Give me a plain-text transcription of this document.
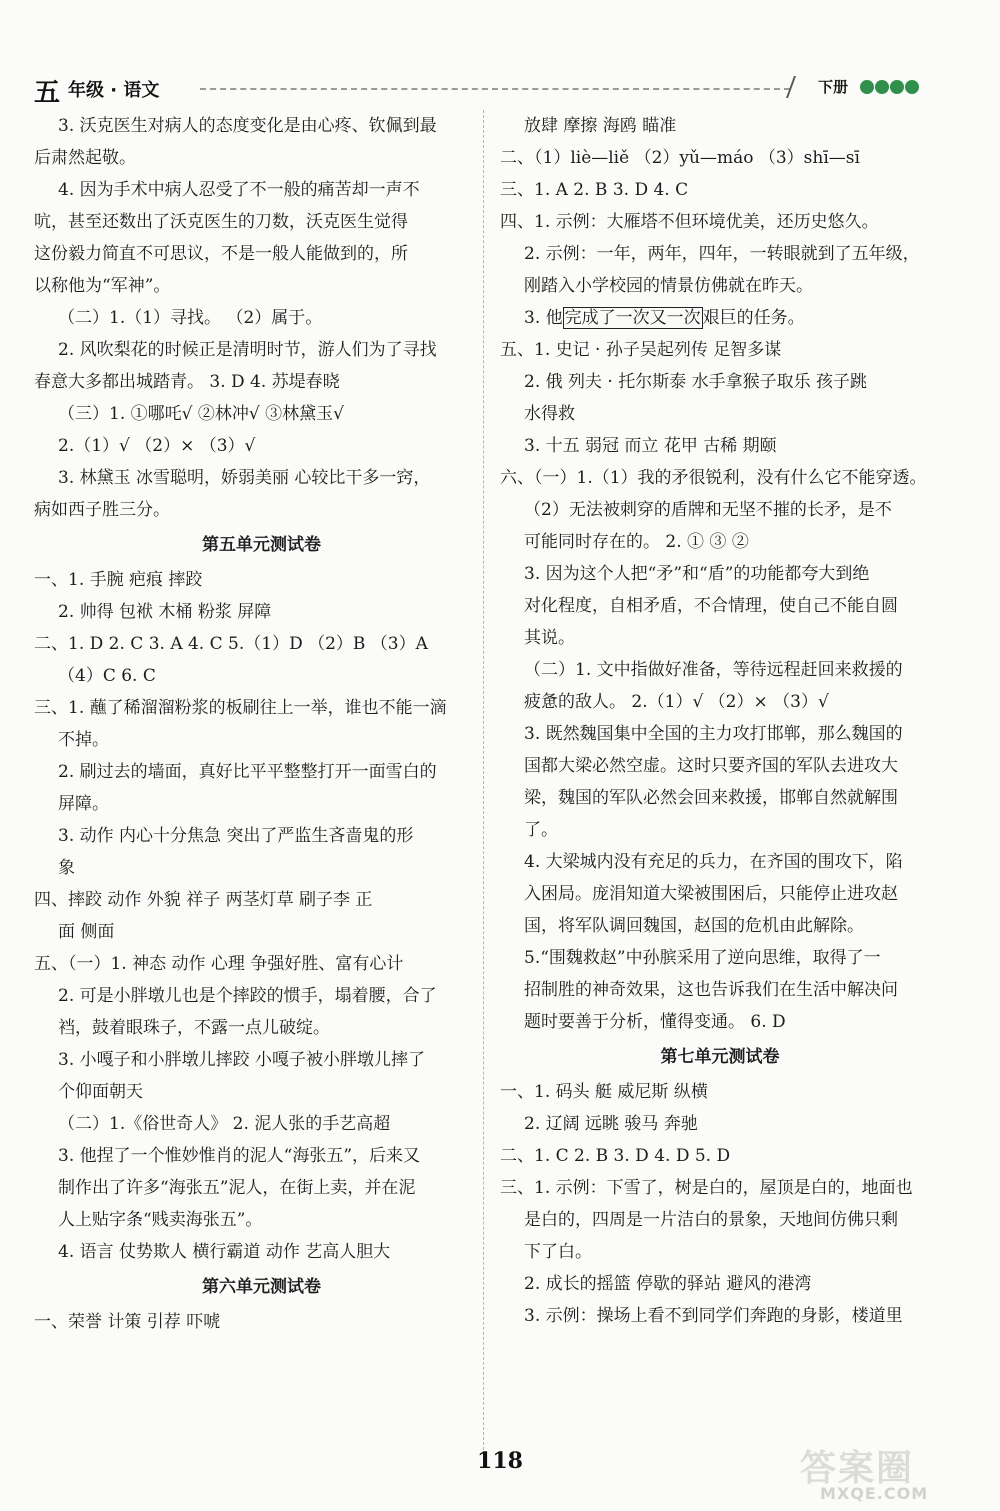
五 年级 · 语文	下册
3. 沃克医生对病人的态度变化是由心疼、钦佩到最
后肃然起敬。
4. 因为手术中病人忍受了不一般的痛苦却一声不
吭，甚至还数出了沃克医生的刀数，沃克医生觉得
这份毅力简直不可思议，不是一般人能做到的，所
以称他为“军神”。
（二）1.（1）寻找。 （2）属于。
2. 风吹梨花的时候正是清明时节，游人们为了寻找
春意大多都出城踏青。 3. D 4. 苏堤春晓
（三）1. ①哪吒√ ②林冲√ ③林黛玉√
2.（1）√ （2）× （3）√
3. 林黛玉 冰雪聪明，娇弱美丽 心较比干多一窍，
病如西子胜三分。
第五单元测试卷
一、1. 手腕 疤痕 摔跤
2. 帅得 包袱 木桶 粉浆 屏障
二、1. D 2. C 3. A 4. C 5.（1）D （2）B （3）A
（4）C 6. C
三、1. 蘸了稀溜溜粉浆的板刷往上一举，谁也不能一滴
不掉。
2. 刷过去的墙面，真好比平平整整打开一面雪白的
屏障。
3. 动作 内心十分焦急 突出了严监生吝啬鬼的形
象
四、摔跤 动作 外貌 祥子 两茎灯草 刷子李 正
面 侧面
五、（一）1. 神态 动作 心理 争强好胜、富有心计
2. 可是小胖墩儿也是个摔跤的惯手，塌着腰，合了
裆，鼓着眼珠子，不露一点儿破绽。
3. 小嘎子和小胖墩儿摔跤 小嘎子被小胖墩儿摔了
个仰面朝天
（二）1.《俗世奇人》 2. 泥人张的手艺高超
3. 他捏了一个惟妙惟肖的泥人“海张五”，后来又
制作出了许多“海张五”泥人，在街上卖，并在泥
人上贴字条“贱卖海张五”。
4. 语言 仗势欺人 横行霸道 动作 艺高人胆大
第六单元测试卷
一、荣誉 计策 引荐 吓唬
放肆 摩擦 海鸥 瞄准
二、（1）liè—liě （2）yǔ—máo （3）shī—sī
三、1. A 2. B 3. D 4. C
四、1. 示例：大雁塔不但环境优美，还历史悠久。
2. 示例：一年，两年，四年，一转眼就到了五年级，
刚踏入小学校园的情景仿佛就在昨天。
3. 他 完成了一次又一次 艰巨的任务。
五、1. 史记 · 孙子吴起列传 足智多谋
2. 俄 列夫 · 托尔斯泰 水手拿猴子取乐 孩子跳
水得救
3. 十五 弱冠 而立 花甲 古稀 期颐
六、（一）1.（1）我的矛很锐利，没有什么它不能穿透。
（2）无法被刺穿的盾牌和无坚不摧的长矛，是不
可能同时存在的。 2. ① ③ ②
3. 因为这个人把“矛”和“盾”的功能都夸大到绝
对化程度，自相矛盾，不合情理，使自己不能自圆
其说。
（二）1. 文中指做好准备，等待远程赶回来救援的
疲惫的敌人。 2.（1）√ （2）× （3）√
3. 既然魏国集中全国的主力攻打邯郸，那么魏国的
国都大梁必然空虚。这时只要齐国的军队去进攻大
梁，魏国的军队必然会回来救援，邯郸自然就解围
了。
4. 大梁城内没有充足的兵力，在齐国的围攻下，陷
入困局。庞涓知道大梁被围困后，只能停止进攻赵
国，将军队调回魏国，赵国的危机由此解除。
5.“围魏救赵”中孙膑采用了逆向思维，取得了一
招制胜的神奇效果，这也告诉我们在生活中解决问
题时要善于分析，懂得变通。 6. D
第七单元测试卷
一、1. 码头 艇 威尼斯 纵横
2. 辽阔 远眺 骏马 奔驰
二、1. C 2. B 3. D 4. D 5. D
三、1. 示例：下雪了，树是白的，屋顶是白的，地面也
是白的，四周是一片洁白的景象，天地间仿佛只剩
下了白。
2. 成长的摇篮 停歇的驿站 避风的港湾
3. 示例：操场上看不到同学们奔跑的身影，楼道里
118	答案圈
MXQE.COM
